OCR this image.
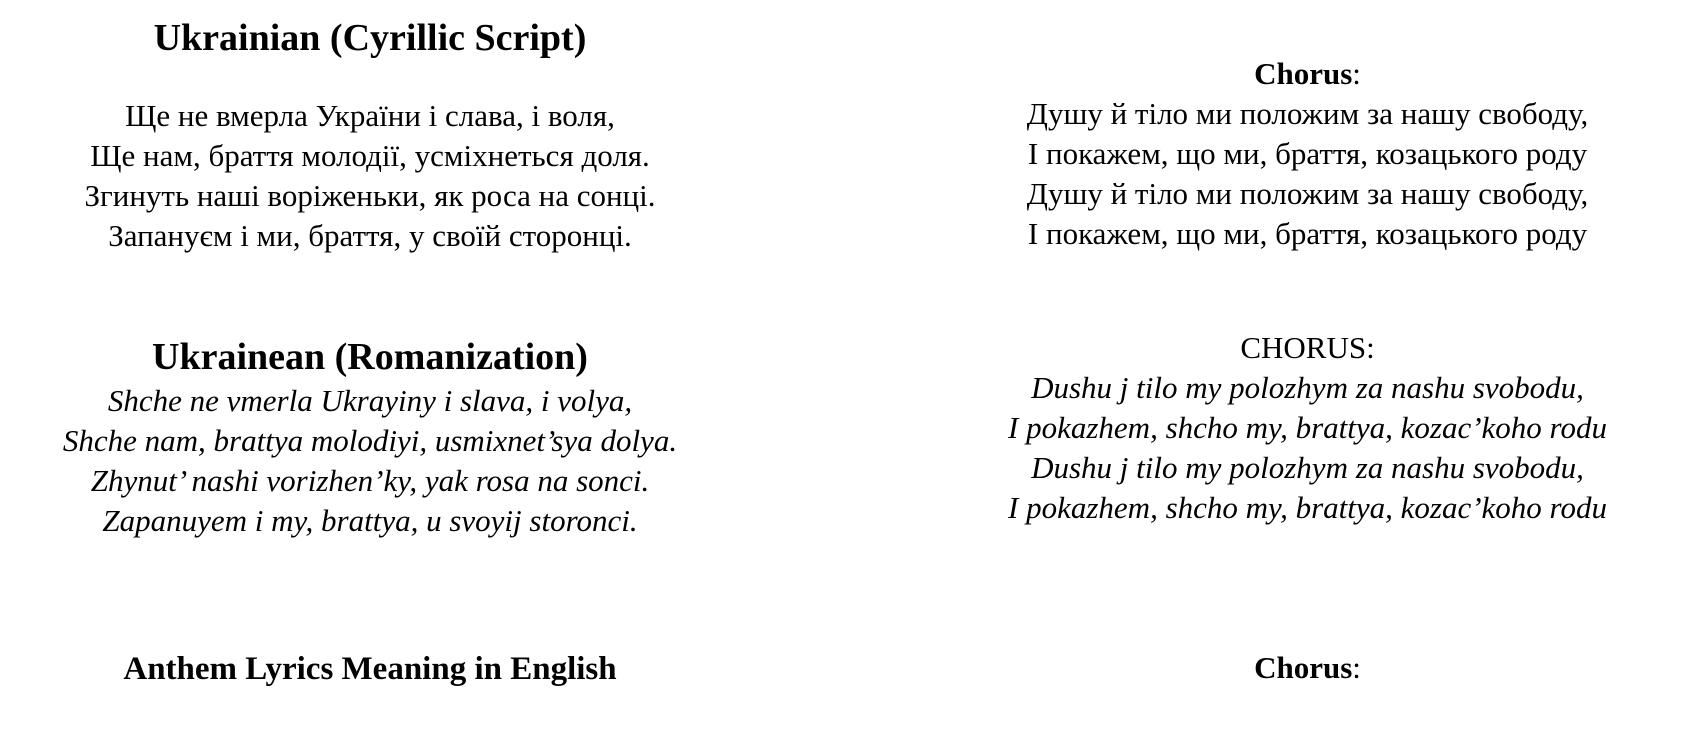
Ukrainian (Cyrillic Script)

Ще не вмерла України і слава, і воля,

Ще нам, браття молодії, усміхнеться доля.

Згинуть наші воріженьки, як роса на сонці.

Запануєм і ми, браття, у своїй сторонці.

Chorus:

Душу й тіло ми положим за нашу свободу,

І покажем, що ми, браття, козацького роду

Душу й тіло ми положим за нашу свободу,

І покажем, що ми, браття, козацького роду

Ukrainean (Romanization)

Shche ne vmerla Ukrayiny i slava, i volya,

Shche nam, brattya molodiyi, usmixnet’sya dolya.

Zhynut’ nashi vorizhen’ky, yak rosa na sonci.

Zapanuyem i my, brattya, u svoyij storonci.

CHORUS:

Dushu j tilo my polozhym za nashu svobodu,

I pokazhem, shcho my, brattya, kozac’koho rodu

Dushu j tilo my polozhym za nashu svobodu,

I pokazhem, shcho my, brattya, kozac’koho rodu

Anthem Lyrics Meaning in English	Chorus:
